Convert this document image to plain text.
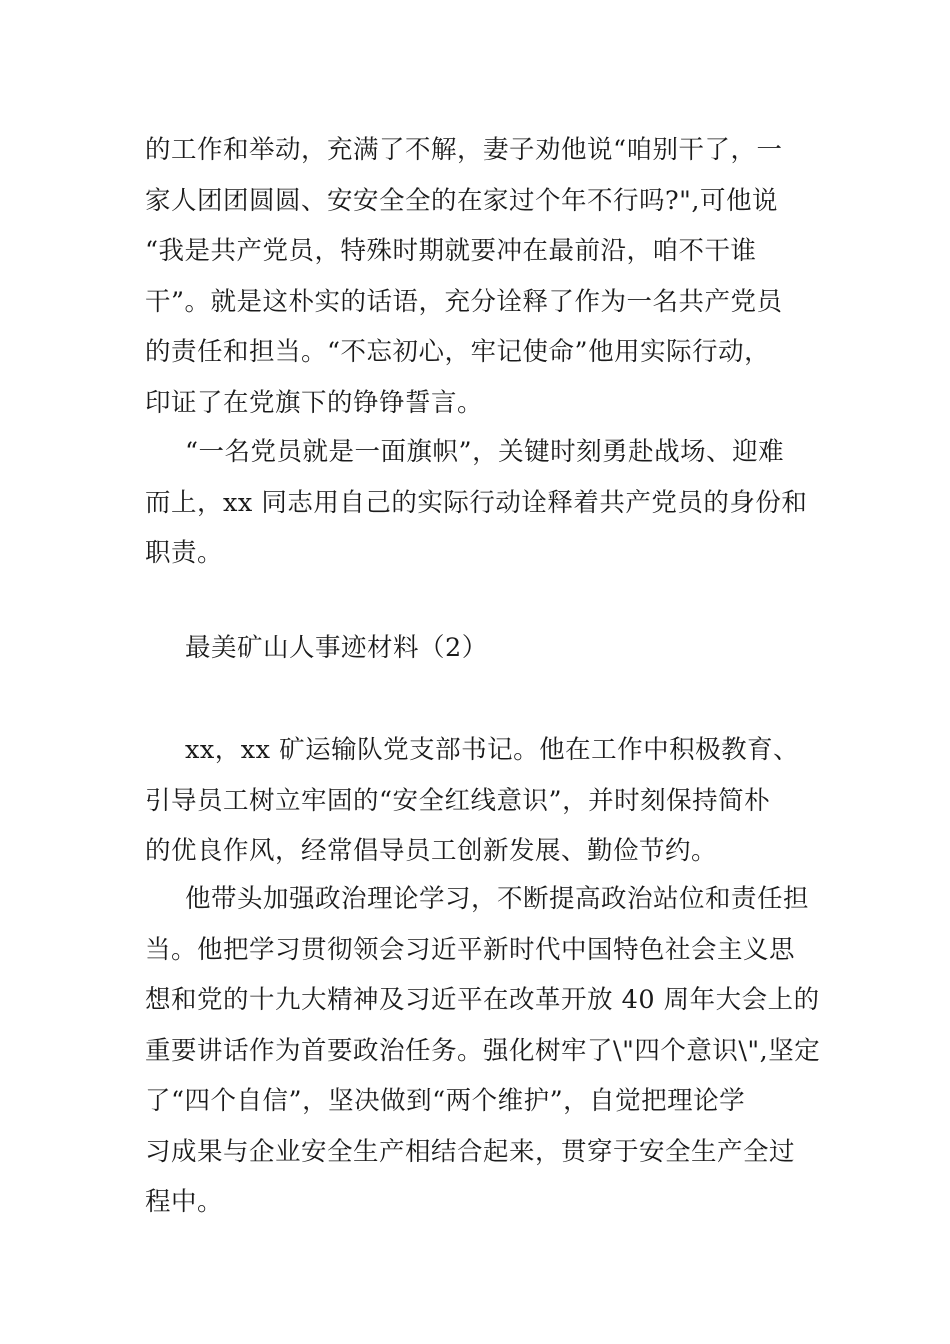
的工作和举动，充满了不解，妻子劝他说“咱别干了，一
家人团团圆圆、安安全全的在家过个年不行吗?",可他说
“我是共产党员，特殊时期就要冲在最前沿，咱不干谁
干”。就是这朴实的话语，充分诠释了作为一名共产党员
的责任和担当。“不忘初心，牢记使命”他用实际行动，
印证了在党旗下的铮铮誓言。

“一名党员就是一面旗帜”，关键时刻勇赴战场、迎难
而上，xx 同志用自己的实际行动诠释着共产党员的身份和
职责。

最美矿山人事迹材料（2）

xx，xx 矿运输队党支部书记。他在工作中积极教育、
引导员工树立牢固的“安全红线意识”，并时刻保持简朴
的优良作风，经常倡导员工创新发展、勤俭节约。

他带头加强政治理论学习，不断提高政治站位和责任担
当。他把学习贯彻领会习近平新时代中国特色社会主义思
想和党的十九大精神及习近平在改革开放 40 周年大会上的
重要讲话作为首要政治任务。强化树牢了\"四个意识\",坚定
了“四个自信”，坚决做到“两个维护”，自觉把理论学
习成果与企业安全生产相结合起来，贯穿于安全生产全过
程中。
